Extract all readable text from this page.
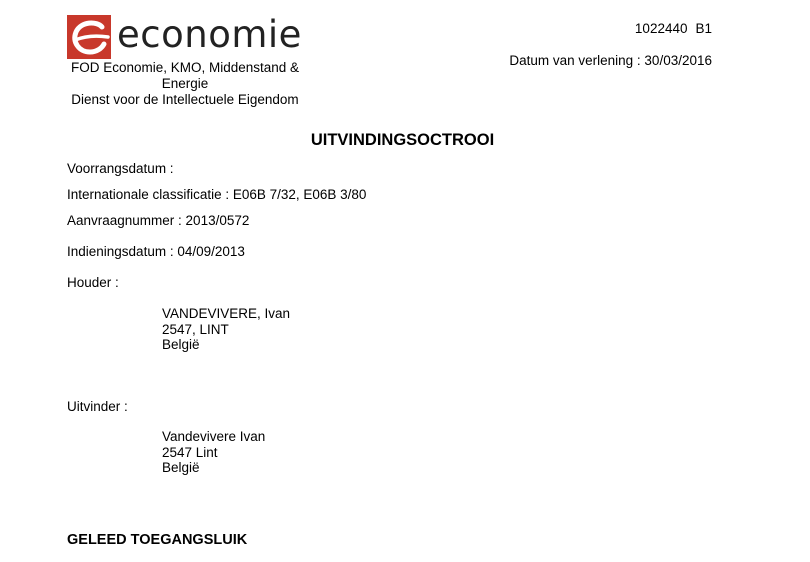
economie
FOD Economie, KMO, Middenstand &
Energie
Dienst voor de Intellectuele Eigendom
1022440 B1
Datum van verlening : 30/03/2016
UITVINDINGSOCTROOI
Voorrangsdatum :
Internationale classificatie : E06B 7/32, E06B 3/80
Aanvraagnummer : 2013/0572
Indieningsdatum : 04/09/2013
Houder :
VANDEVIVERE, Ivan
2547, LINT
België
Uitvinder :
Vandevivere Ivan
2547 Lint
België
GELEED TOEGANGSLUIK
